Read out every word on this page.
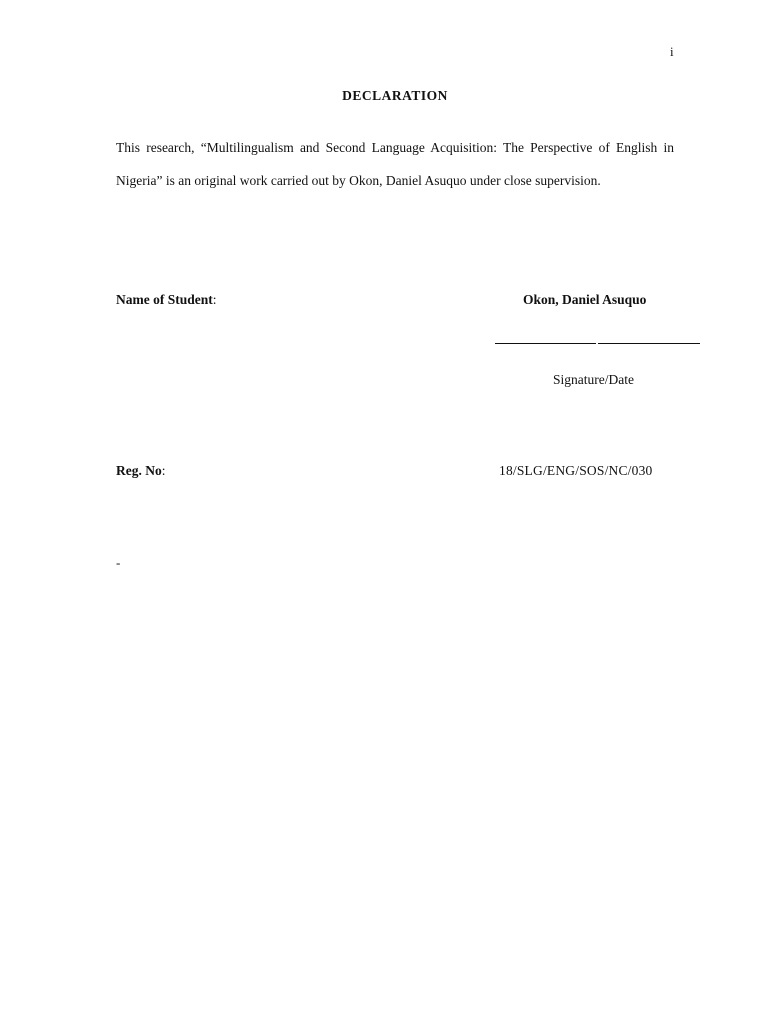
i
DECLARATION
This research, “Multilingualism and Second Language Acquisition: The Perspective of English in Nigeria” is an original work carried out by Okon, Daniel Asuquo under close supervision.
Name of Student:	Okon, Daniel Asuquo
Signature/Date
Reg. No:	18/SLG/ENG/SOS/NC/030
-
